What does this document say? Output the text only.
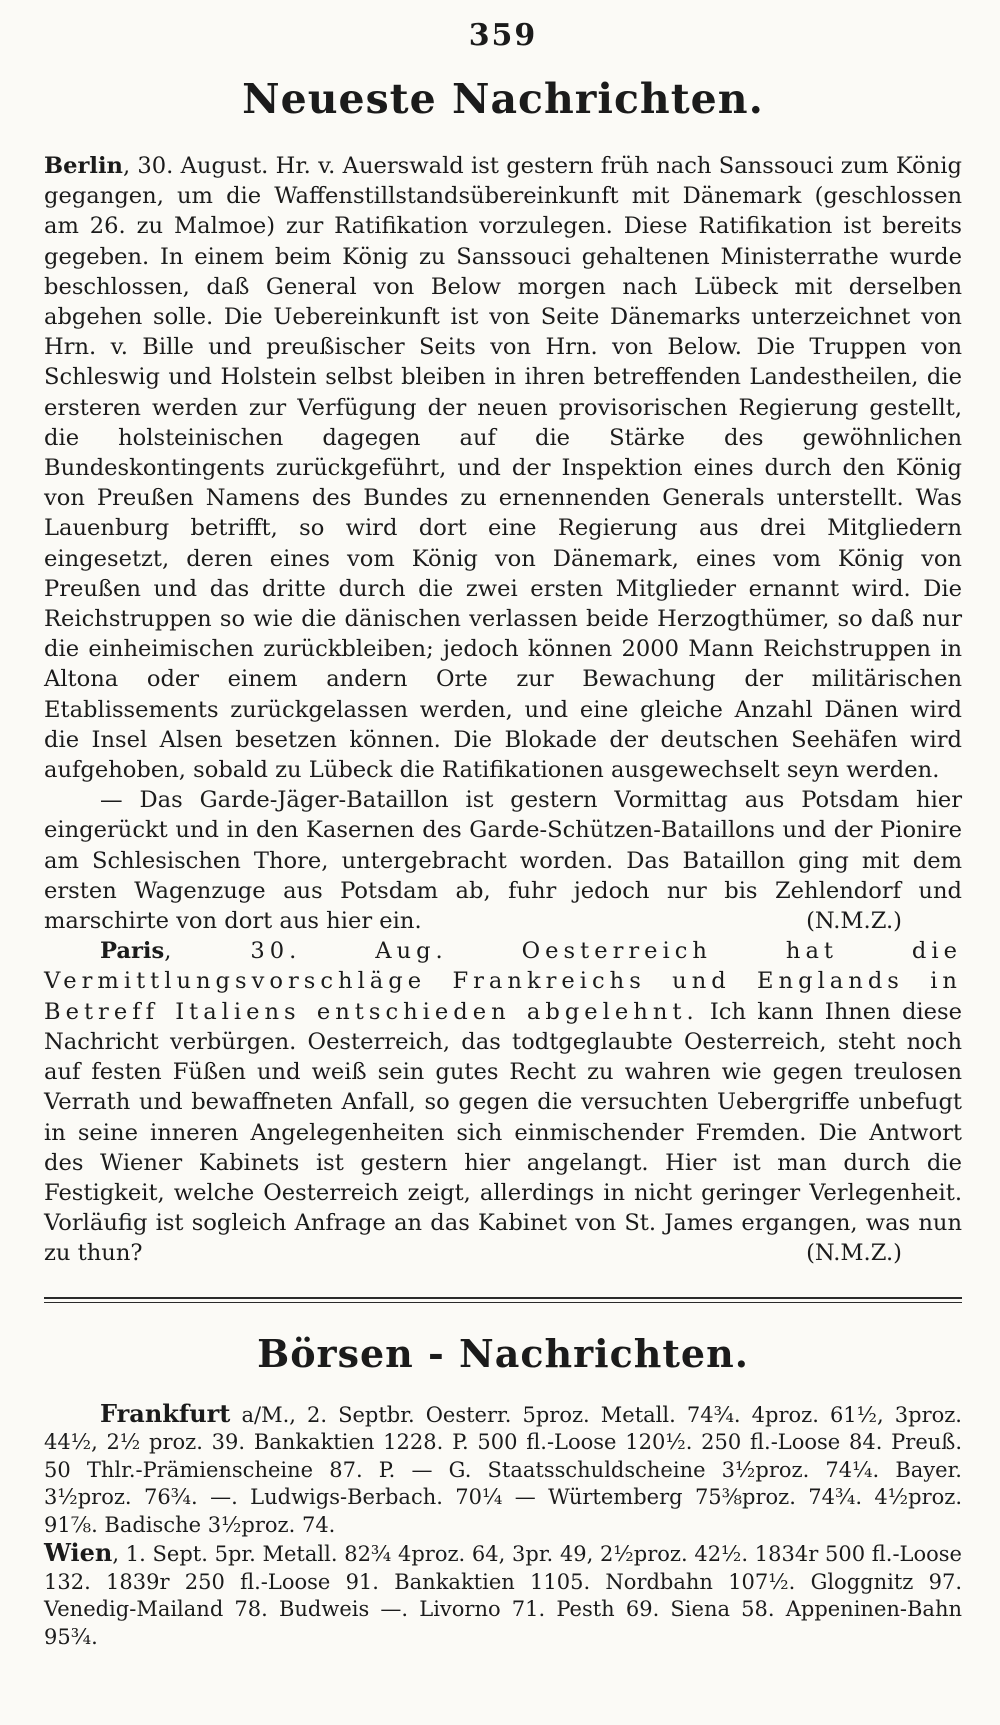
359
Neueste Nachrichten.

Berlin, 30. August. Hr. v. Auerswald ist gestern früh nach Sanssouci zum König gegangen, um die Waffenstillstandsübereinkunft mit Dänemark (geschlossen am 26. zu Malmoe) zur Ratifikation vorzulegen. Diese Ratifikation ist bereits gegeben. In einem beim König zu Sanssouci gehaltenen Ministerrathe wurde beschlossen, daß General von Below morgen nach Lübeck mit derselben abgehen solle. Die Uebereinkunft ist von Seite Dänemarks unterzeichnet von Hrn. v. Bille und preußischer Seits von Hrn. von Below. Die Truppen von Schleswig und Holstein selbst bleiben in ihren betreffenden Landestheilen, die ersteren werden zur Verfügung der neuen provisorischen Regierung gestellt, die holsteinischen dagegen auf die Stärke des gewöhnlichen Bundeskontingents zurückgeführt, und der Inspektion eines durch den König von Preußen Namens des Bundes zu ernennenden Generals unterstellt. Was Lauenburg betrifft, so wird dort eine Regierung aus drei Mitgliedern eingesetzt, deren eines vom König von Dänemark, eines vom König von Preußen und das dritte durch die zwei ersten Mitglieder ernannt wird. Die Reichstruppen so wie die dänischen verlassen beide Herzogthümer, so daß nur die einheimischen zurückbleiben; jedoch können 2000 Mann Reichstruppen in Altona oder einem andern Orte zur Bewachung der militärischen Etablissements zurückgelassen werden, und eine gleiche Anzahl Dänen wird die Insel Alsen besetzen können. Die Blokade der deutschen Seehäfen wird aufgehoben, sobald zu Lübeck die Ratifikationen ausgewechselt seyn werden.

— Das Garde-Jäger-Bataillon ist gestern Vormittag aus Potsdam hier eingerückt und in den Kasernen des Garde-Schützen-Bataillons und der Pionire am Schlesischen Thore, untergebracht worden. Das Bataillon ging mit dem ersten Wagenzuge aus Potsdam ab, fuhr jedoch nur bis Zehlendorf und marschirte von dort aus hier ein.	(N.M.Z.)

Paris, 30. Aug. Oesterreich hat die Vermittlungsvorschläge Frankreichs und Englands in Betreff Italiens entschieden abgelehnt. Ich kann Ihnen diese Nachricht verbürgen. Oesterreich, das todtgeglaubte Oesterreich, steht noch auf festen Füßen und weiß sein gutes Recht zu wahren wie gegen treulosen Verrath und bewaffneten Anfall, so gegen die versuchten Uebergriffe unbefugt in seine inneren Angelegenheiten sich einmischender Fremden. Die Antwort des Wiener Kabinets ist gestern hier angelangt. Hier ist man durch die Festigkeit, welche Oesterreich zeigt, allerdings in nicht geringer Verlegenheit. Vorläufig ist sogleich Anfrage an das Kabinet von St. James ergangen, was nun zu thun?	(N.M.Z.)

Börsen - Nachrichten.

Frankfurt a/M., 2. Septbr. Oesterr. 5proz. Metall. 74¾. 4proz. 61½, 3proz. 44½, 2½ proz. 39. Bankaktien 1228. P. 500 fl.-Loose 120½. 250 fl.-Loose 84. Preuß. 50 Thlr.-Prämienscheine 87. P. — G. Staatsschuldscheine 3½proz. 74¼. Bayer. 3½proz. 76¾. —. Ludwigs-Berbach. 70¼ — Würtemberg 75⅜proz. 74¾. 4½proz. 91⅞. Badische 3½proz. 74.

Wien, 1. Sept. 5pr. Metall. 82¾ 4proz. 64, 3pr. 49, 2½proz. 42½. 1834r 500 fl.-Loose 132. 1839r 250 fl.-Loose 91. Bankaktien 1105. Nordbahn 107½. Gloggnitz 97. Venedig-Mailand 78. Budweis —. Livorno 71. Pesth 69. Siena 58. Appeninen-Bahn 95¾.
